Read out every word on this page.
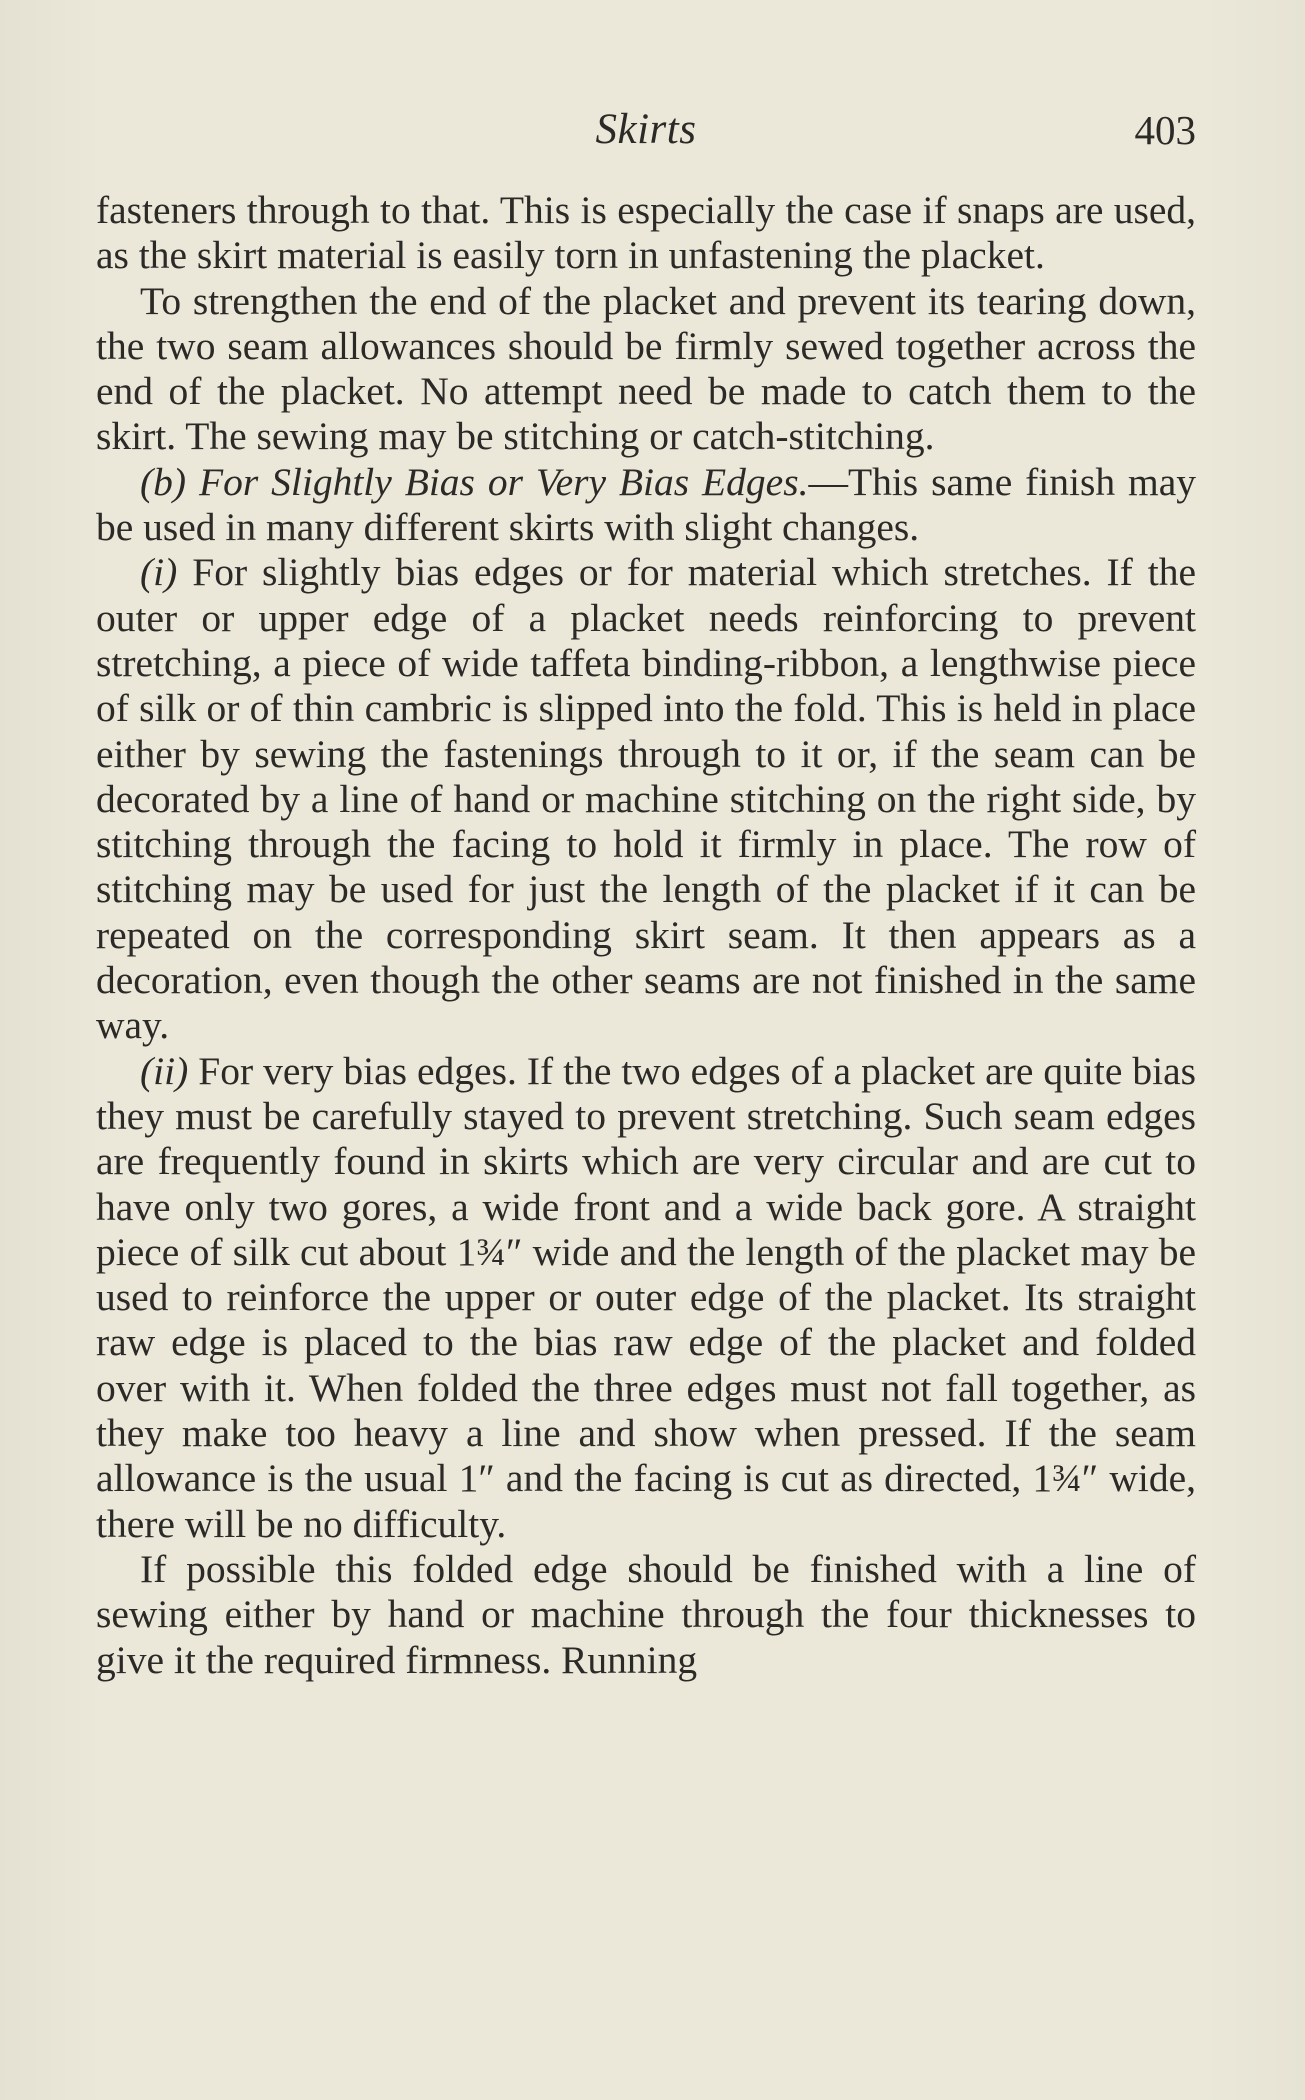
Skirts	403

fasteners through to that. This is especially the case if snaps are used, as the skirt material is easily torn in unfastening the placket.

To strengthen the end of the placket and prevent its tearing down, the two seam allowances should be firmly sewed together across the end of the placket. No attempt need be made to catch them to the skirt. The sewing may be stitching or catch-stitching.

(b) For Slightly Bias or Very Bias Edges.—This same finish may be used in many different skirts with slight changes.

(i) For slightly bias edges or for material which stretches. If the outer or upper edge of a placket needs reinforcing to prevent stretching, a piece of wide taffeta binding-ribbon, a lengthwise piece of silk or of thin cambric is slipped into the fold. This is held in place either by sewing the fastenings through to it or, if the seam can be decorated by a line of hand or machine stitching on the right side, by stitching through the facing to hold it firmly in place. The row of stitching may be used for just the length of the placket if it can be repeated on the corresponding skirt seam. It then appears as a decoration, even though the other seams are not finished in the same way.

(ii) For very bias edges. If the two edges of a placket are quite bias they must be carefully stayed to prevent stretching. Such seam edges are frequently found in skirts which are very circular and are cut to have only two gores, a wide front and a wide back gore. A straight piece of silk cut about 1¾″ wide and the length of the placket may be used to reinforce the upper or outer edge of the placket. Its straight raw edge is placed to the bias raw edge of the placket and folded over with it. When folded the three edges must not fall together, as they make too heavy a line and show when pressed. If the seam allowance is the usual 1″ and the facing is cut as directed, 1¾″ wide, there will be no difficulty.

If possible this folded edge should be finished with a line of sewing either by hand or machine through the four thicknesses to give it the required firmness. Running
